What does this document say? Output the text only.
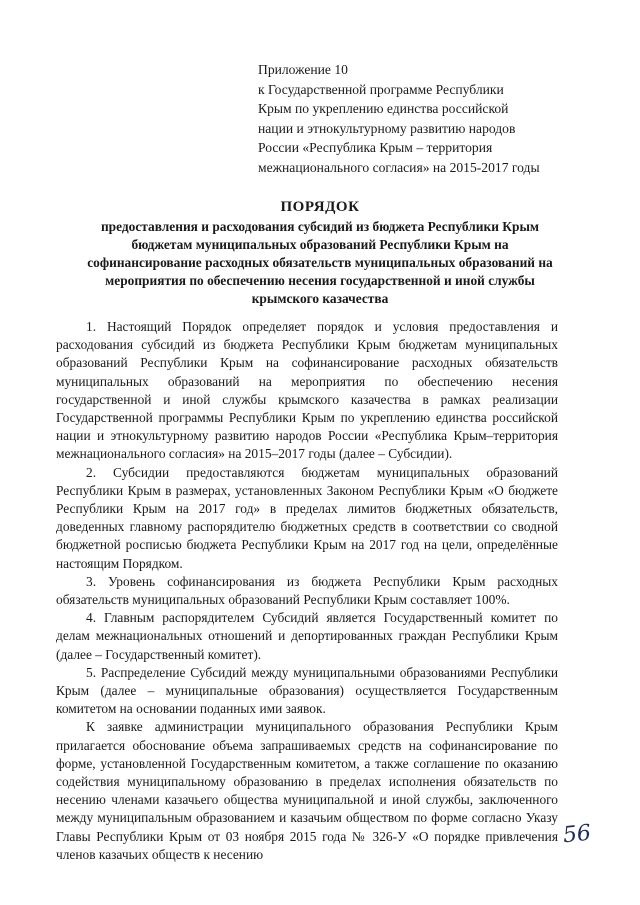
Приложение 10
к Государственной программе Республики
Крым по укреплению единства российской
нации и этнокультурному развитию народов
России «Республика Крым – территория
межнационального согласия» на 2015-2017 годы
ПОРЯДОК
предоставления и расходования субсидий из бюджета Республики Крым
бюджетам муниципальных образований Республики Крым на
софинансирование расходных обязательств муниципальных образований на
мероприятия по обеспечению несения государственной и иной службы
крымского казачества

1. Настоящий Порядок определяет порядок и условия предоставления и расходования субсидий из бюджета Республики Крым бюджетам муниципальных образований Республики Крым на софинансирование расходных обязательств муниципальных образований на мероприятия по обеспечению несения государственной и иной службы крымского казачества в рамках реализации Государственной программы Республики Крым по укреплению единства российской нации и этнокультурному развитию народов России «Республика Крым–территория межнационального согласия» на 2015–2017 годы (далее – Субсидии).

2. Субсидии предоставляются бюджетам муниципальных образований Республики Крым в размерах, установленных Законом Республики Крым «О бюджете Республики Крым на 2017 год» в пределах лимитов бюджетных обязательств, доведенных главному распорядителю бюджетных средств в соответствии со сводной бюджетной росписью бюджета Республики Крым на 2017 год на цели, определённые настоящим Порядком.

3. Уровень софинансирования из бюджета Республики Крым расходных обязательств муниципальных образований Республики Крым составляет 100%.

4. Главным распорядителем Субсидий является Государственный комитет по делам межнациональных отношений и депортированных граждан Республики Крым (далее – Государственный комитет).

5. Распределение Субсидий между муниципальными образованиями Республики Крым (далее – муниципальные образования) осуществляется Государственным комитетом на основании поданных ими заявок.

К заявке администрации муниципального образования Республики Крым прилагается обоснование объема запрашиваемых средств на софинансирование по форме, установленной Государственным комитетом, а также соглашение по оказанию содействия муниципальному образованию в пределах исполнения обязательств по несению членами казачьего общества муниципальной и иной службы, заключенного между муниципальным образованием и казачьим обществом по форме согласно Указу Главы Республики Крым от 03 ноября 2015 года № 326-У «О порядке привлечения членов казачьих обществ к несению

56
